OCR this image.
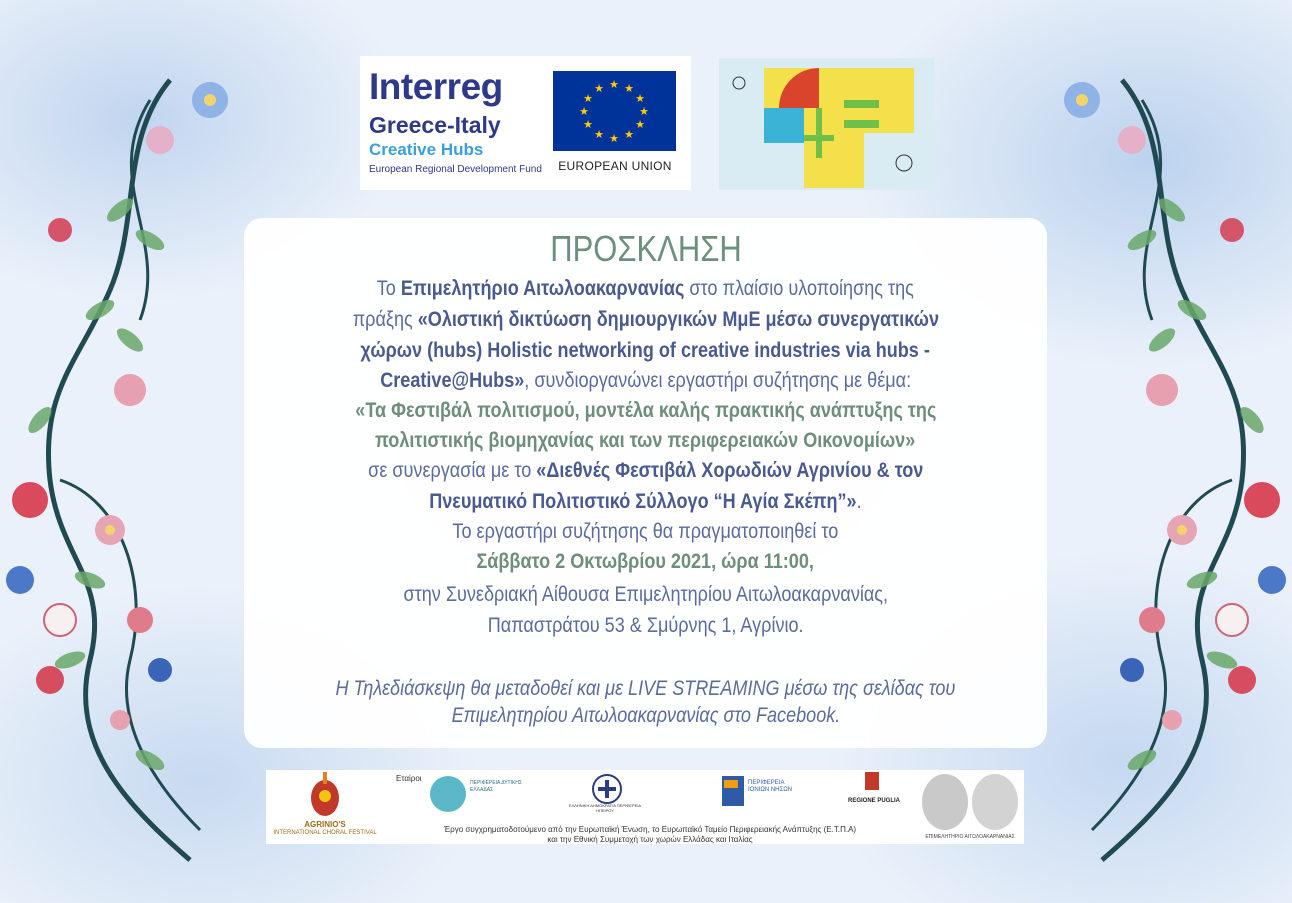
Interreg
Greece-Italy
Creative Hubs
European Regional Development Fund
★ ★
★
★
★
★
★
★
★
★
★
★
EUROPEAN UNION
ΠΡΟΣΚΛΗΣΗ
Το Επιμελητήριο Αιτωλοακαρνανίας στο πλαίσιο υλοποίησης της
πράξης «Ολιστική δικτύωση δημιουργικών ΜμΕ μέσω συνεργατικών
χώρων (hubs) Holistic networking of creative industries via hubs -
Creative@Hubs», συνδιοργανώνει εργαστήρι συζήτησης με θέμα:
«Τα Φεστιβάλ πολιτισμού, μοντέλα καλής πρακτικής ανάπτυξης της
πολιτιστικής βιομηχανίας και των περιφερειακών Οικονομίων»
σε συνεργασία με το «Διεθνές Φεστιβάλ Χορωδιών Αγρινίου & τον
Πνευματικό Πολιτιστικό Σύλλογο “Η Αγία Σκέπη”».
Το εργαστήρι συζήτησης θα πραγματοποιηθεί το
Σάββατο 2 Οκτωβρίου 2021, ώρα 11:00,
στην Συνεδριακή Αίθουσα Επιμελητηρίου Αιτωλοακαρνανίας,
Παπαστράτου 53 & Σμύρνης 1, Αγρίνιο.
Η Τηλεδιάσκεψη θα μεταδοθεί και με LIVE STREAMING μέσω της σελίδας του
Επιμελητηρίου Αιτωλοακαρνανίας στο Facebook.
AGRINIO'S
INTERNATIONAL CHORAL FESTIVAL
Εταίροι	ΠΕΡΙΦΕΡΕΙΑ ΔΥΤΙΚΗΣ ΕΛΛΑΔΑΣ
ΕΛΛΗΝΙΚΗ ΔΗΜΟΚΡΑΤΙΑ ΠΕΡΙΦΕΡΕΙΑ ΗΠΕΙΡΟΥ
ΠΕΡΙΦΕΡΕΙΑ ΙΟΝΙΩΝ ΝΗΣΩΝ
REGIONE PUGLIA
Έργο συγχρηματοδοτούμενο από την Ευρωπαϊκή Ένωση, το Ευρωπαϊκό Ταμείο Περιφερειακής Ανάπτυξης (Ε.Τ.Π.Α)
και την Εθνική Συμμετοχή των χωρών Ελλάδας και Ιταλίας	ΕΠΙΜΕΛΗΤΗΡΙΟ ΑΙΤΩΛΟΑΚΑΡΝΑΝΙΑΣ
